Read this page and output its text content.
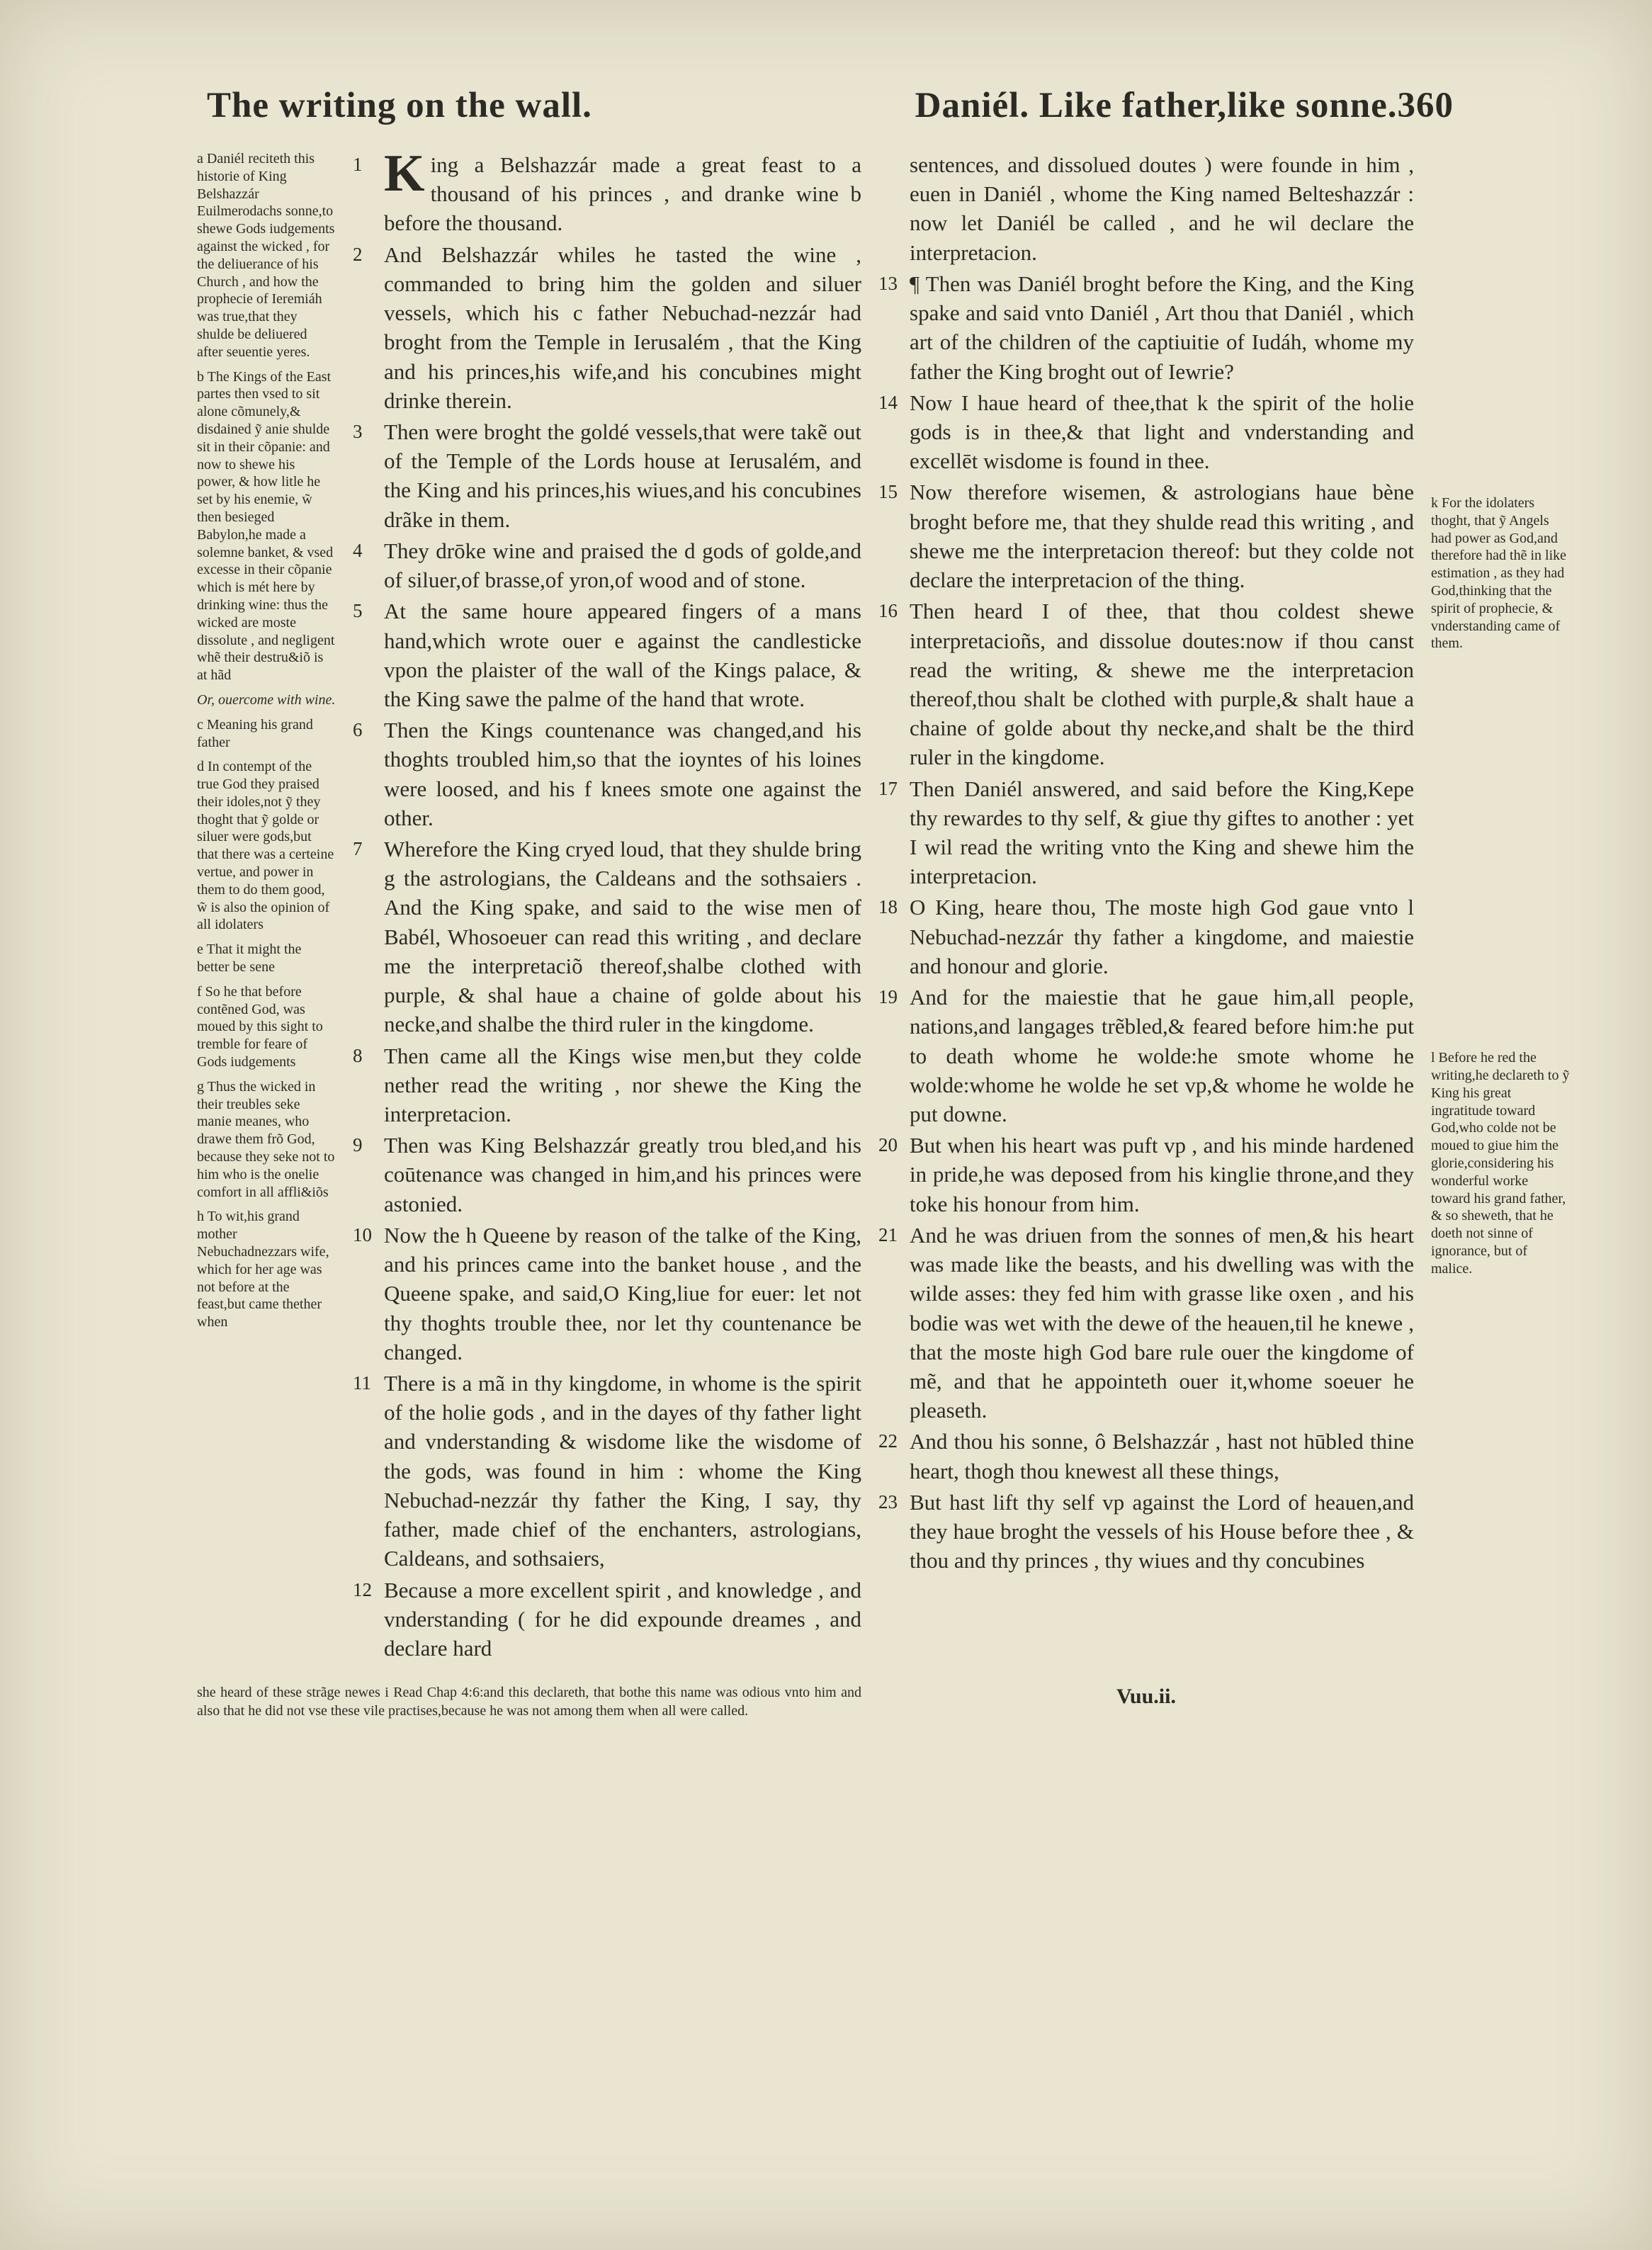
The writing on the wall.	Daniél. Like father,like sonne.360

a Daniél reciteth this historie of King Belshazzár Euilmerodachs sonne,to shewe Gods iudgements against the wicked , for the deliuerance of his Church , and how the prophecie of Ieremiáh was true,that they shulde be deliuered after seuentie yeres.

b The Kings of the East partes then vsed to sit alone cõmunely,& disdained ỹ anie shulde sit in their cõpanie: and now to shewe his power, & how litle he set by his enemie, w̃ then besieged Babylon,he made a solemne banket, & vsed excesse in their cõpanie which is mét here by drinking wine: thus the wicked are moste dissolute , and negligent whẽ their destru&iõ is at hãd

Or, ouercome with wine.

c Meaning his grand father

d In contempt of the true God they praised their idoles,not ỹ they thoght that ỹ golde or siluer were gods,but that there was a certeine vertue, and power in them to do them good, w̃ is also the opinion of all idolaters

e That it might the better be sene

f So he that before contẽned God, was moued by this sight to tremble for feare of Gods iudgements

g Thus the wicked in their treubles seke manie meanes, who drawe them frõ God, because they seke not to him who is the onelie comfort in all affli&iõs

h To wit,his grand mother Nebuchadnezzars wife, which for her age was not before at the feast,but came thether when

1 King a Belshazzár made a great feast to a thousand of his princes , and dranke wine b before the thousand.
2 And Belshazzár whiles he tasted the wine , commanded to bring him the golden and siluer vessels, which his c father Nebuchad-nezzár had broght from the Temple in Ierusalém , that the King and his princes,his wife,and his concubines might drinke therein.
3 Then were broght the goldé vessels,that were takẽ out of the Temple of the Lords house at Ierusalém, and the King and his princes,his wiues,and his concubines drãke in them.
4 They drōke wine and praised the d gods of golde,and of siluer,of brasse,of yron,of wood and of stone.
5 At the same houre appeared fingers of a mans hand,which wrote ouer e against the candlesticke vpon the plaister of the wall of the Kings palace, & the King sawe the palme of the hand that wrote.
6 Then the Kings countenance was changed,and his thoghts troubled him,so that the ioyntes of his loines were loosed, and his f knees smote one against the other.
7 Wherefore the King cryed loud, that they shulde bring g the astrologians, the Caldeans and the sothsaiers . And the King spake, and said to the wise men of Babél, Whosoeuer can read this writing , and declare me the interpretaciõ thereof,shalbe clothed with purple, & shal haue a chaine of golde about his necke,and shalbe the third ruler in the kingdome.
8 Then came all the Kings wise men,but they colde nether read the writing , nor shewe the King the interpretacion.
9 Then was King Belshazzár greatly trou bled,and his coūtenance was changed in him,and his princes were astonied.
10 Now the h Queene by reason of the talke of the King, and his princes came into the banket house , and the Queene spake, and said,O King,liue for euer: let not thy thoghts trouble thee, nor let thy countenance be changed.
11 There is a mã in thy kingdome, in whome is the spirit of the holie gods , and in the dayes of thy father light and vnderstanding & wisdome like the wisdome of the gods, was found in him : whome the King Nebuchad-nezzár thy father the King, I say, thy father, made chief of the enchanters, astrologians, Caldeans, and sothsaiers,
12 Because a more excellent spirit , and knowledge , and vnderstanding ( for he did expounde dreames , and declare hard
sentences, and dissolued doutes ) were founde in him , euen in Daniél , whome the King named Belteshazzár : now let Daniél be called , and he wil declare the interpretacion.
13 ¶ Then was Daniél broght before the King, and the King spake and said vnto Daniél , Art thou that Daniél , which art of the children of the captiuitie of Iudáh, whome my father the King broght out of Iewrie?
14 Now I haue heard of thee,that k the spirit of the holie gods is in thee,& that light and vnderstanding and excellēt wisdome is found in thee.
15 Now therefore wisemen, & astrologians haue bène broght before me, that they shulde read this writing , and shewe me the interpretacion thereof: but they colde not declare the interpretacion of the thing.
16 Then heard I of thee, that thou coldest shewe interpretacioñs, and dissolue doutes:now if thou canst read the writing, & shewe me the interpretacion thereof,thou shalt be clothed with purple,& shalt haue a chaine of golde about thy necke,and shalt be the third ruler in the kingdome.
17 Then Daniél answered, and said before the King,Kepe thy rewardes to thy self, & giue thy giftes to another : yet I wil read the writing vnto the King and shewe him the interpretacion.
18 O King, heare thou, The moste high God gaue vnto l Nebuchad-nezzár thy father a kingdome, and maiestie and honour and glorie.
19 And for the maiestie that he gaue him,all people, nations,and langages trẽbled,& feared before him:he put to death whome he wolde:he smote whome he wolde:whome he wolde he set vp,& whome he wolde he put downe.
20 But when his heart was puft vp , and his minde hardened in pride,he was deposed from his kinglie throne,and they toke his honour from him.
21 And he was driuen from the sonnes of men,& his heart was made like the beasts, and his dwelling was with the wilde asses: they fed him with grasse like oxen , and his bodie was wet with the dewe of the heauen,til he knewe , that the moste high God bare rule ouer the kingdome of mẽ, and that he appointeth ouer it,whome soeuer he pleaseth.
22 And thou his sonne, ô Belshazzár , hast not hūbled thine heart, thogh thou knewest all these things,
23 But hast lift thy self vp against the Lord of heauen,and they haue broght the vessels of his House before thee , & thou and thy princes , thy wiues and thy concubines

k For the idolaters thoght, that ỹ Angels had power as God,and therefore had thẽ in like estimation , as they had God,thinking that the spirit of prophecie, & vnderstanding came of them.

l Before he red the writing,he declareth to ỹ King his great ingratitude toward God,who colde not be moued to giue him the glorie,considering his wonderful worke toward his grand father, & so sheweth, that he doeth not sinne of ignorance, but of malice.

she heard of these strãge newes i Read Chap 4:6:and this declareth, that bothe this name was odious vnto him and also that he did not vse these vile practises,because he was not among them when all were called.
Vuu.ii.
